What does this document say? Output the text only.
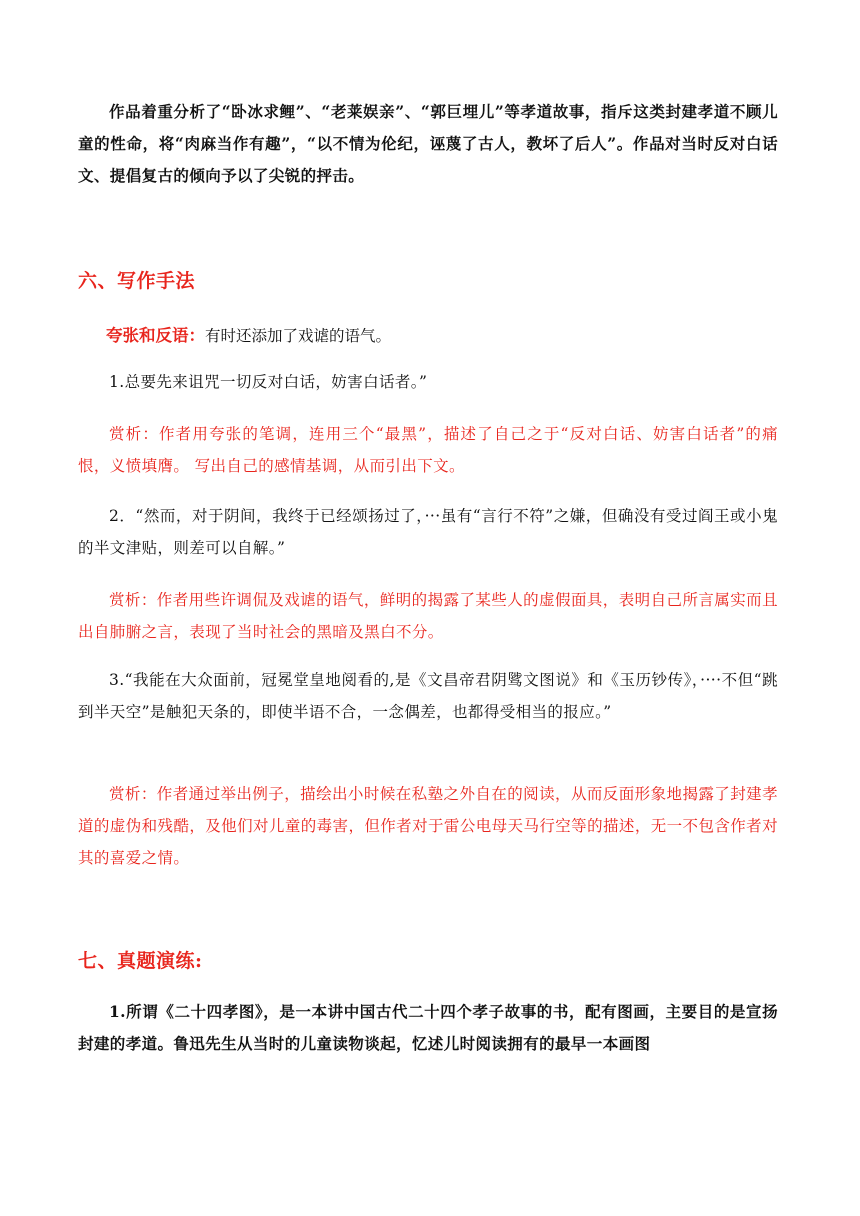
作品着重分析了“卧冰求鲤”、“老莱娱亲”、“郭巨埋儿”等孝道故事，指斥这类封建孝道不顾儿童的性命，将“肉麻当作有趣”，“以不情为伦纪，诬蔑了古人，教坏了后人”。作品对当时反对白话文、提倡复古的倾向予以了尖锐的抨击。

六、写作手法

夸张和反语：有时还添加了戏谑的语气。

1.总要先来诅咒一切反对白话，妨害白话者。”

赏析：作者用夸张的笔调，连用三个“最黑”，描述了自己之于“反对白话、妨害白话者”的痛恨，义愤填膺。 写出自己的感情基调，从而引出下文。

2．“然而，对于阴间，我终于已经颂扬过了，···虽有“言行不符”之嫌，但确没有受过阎王或小鬼的半文津贴，则差可以自解。”

赏析：作者用些许调侃及戏谑的语气，鲜明的揭露了某些人的虚假面具，表明自己所言属实而且出自肺腑之言，表现了当时社会的黑暗及黑白不分。

3.“我能在大众面前，冠冕堂皇地阅看的,是《文昌帝君阴骘文图说》和《玉历钞传》，····不但“跳到半天空”是触犯天条的，即使半语不合，一念偶差，也都得受相当的报应。”

赏析：作者通过举出例子，描绘出小时候在私塾之外自在的阅读，从而反面形象地揭露了封建孝道的虚伪和残酷，及他们对儿童的毒害，但作者对于雷公电母天马行空等的描述，无一不包含作者对其的喜爱之情。

七、真题演练:

1.所谓《二十四孝图》，是一本讲中国古代二十四个孝子故事的书，配有图画，主要目的是宣扬封建的孝道。鲁迅先生从当时的儿童读物谈起，忆述儿时阅读拥有的最早一本画图
